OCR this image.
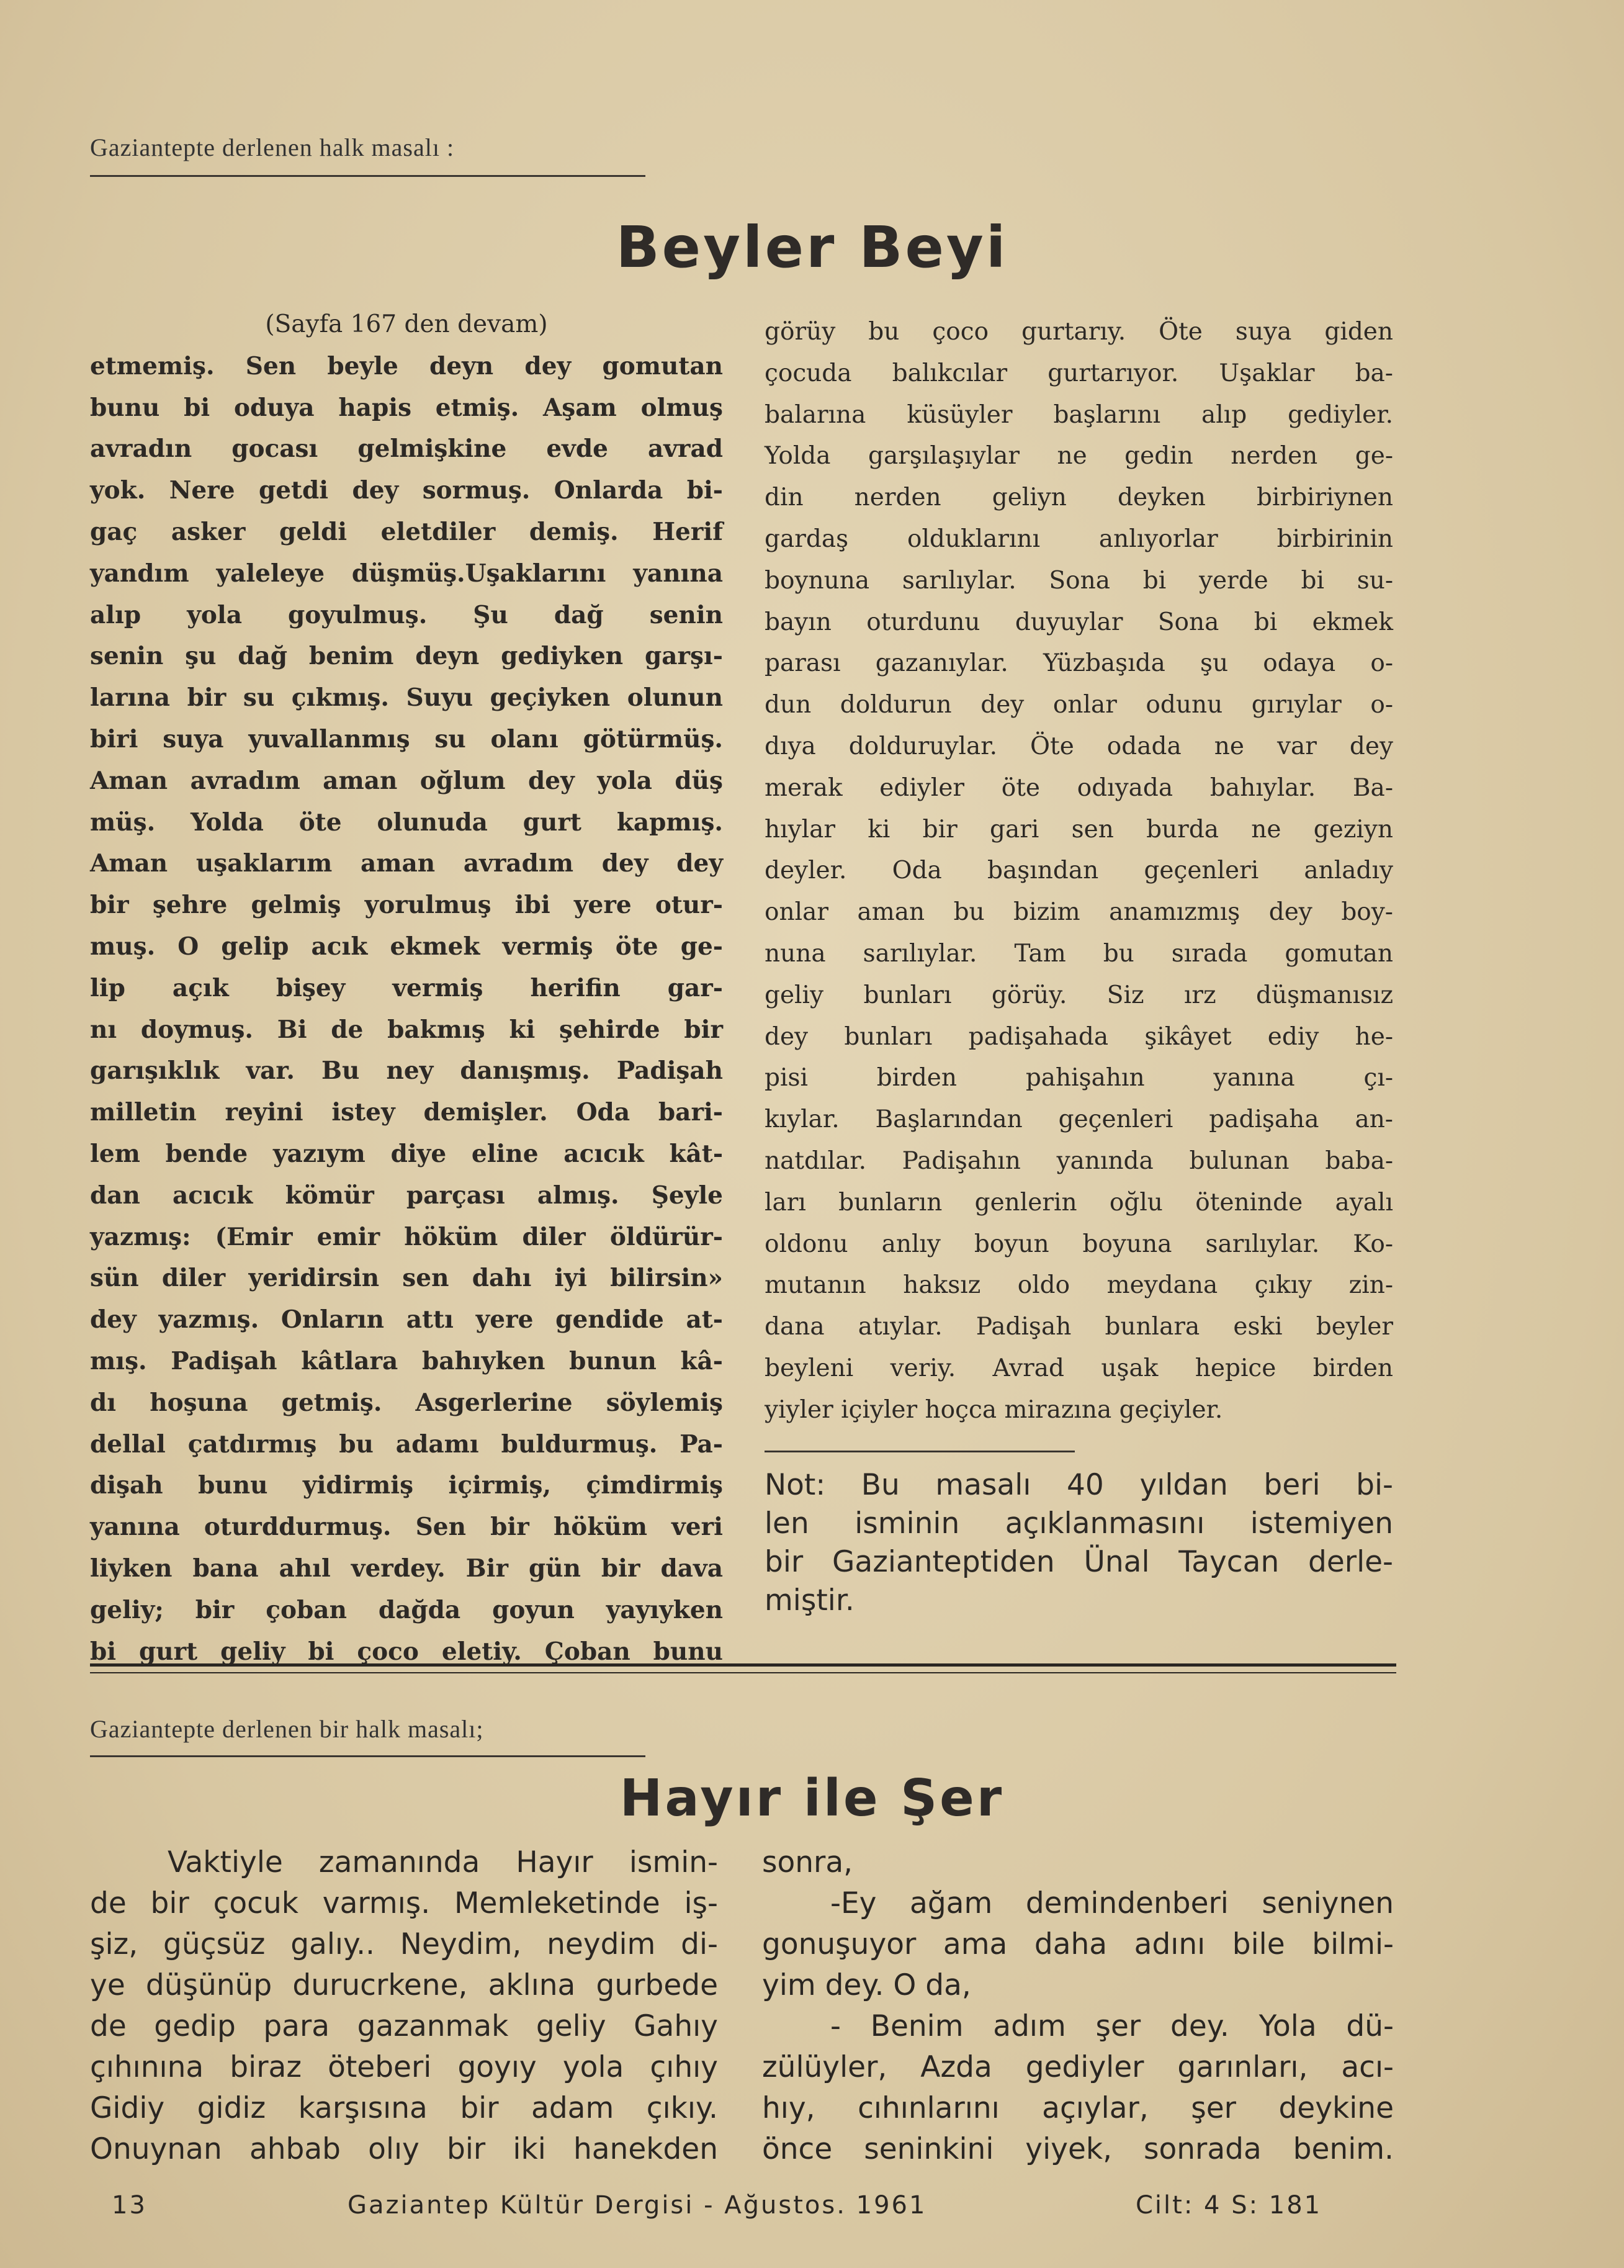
Gaziantepte derlenen halk masalı :
Beyler Beyi
(Sayfa 167 den devam)
etmemiş. Sen beyle deyn dey gomutan
bunu bi oduya hapis etmiş. Aşam olmuş
avradın gocası gelmişkine evde avrad
yok. Nere getdi dey sormuş. Onlarda bi-
gaç asker geldi eletdiler demiş. Herif
yandım yaleleye düşmüş.Uşaklarını yanına
alıp yola goyulmuş. Şu dağ senin
senin şu dağ benim deyn gediyken garşı-
larına bir su çıkmış. Suyu geçiyken olunun
biri suya yuvallanmış su olanı götürmüş.
Aman avradım aman oğlum dey yola düş
müş. Yolda öte olunuda gurt kapmış.
Aman uşaklarım aman avradım dey dey
bir şehre gelmiş yorulmuş ibi yere otur-
muş. O gelip acık ekmek vermiş öte ge-
lip açık bişey vermiş herifin gar-
nı doymuş. Bi de bakmış ki şehirde bir
garışıklık var. Bu ney danışmış. Padişah
milletin reyini istey demişler. Oda bari-
lem bende yazıym diye eline acıcık kât-
dan acıcık kömür parçası almış. Şeyle
yazmış: (Emir emir höküm diler öldürür-
sün diler yeridirsin sen dahı iyi bilirsin»
dey yazmış. Onların attı yere gendide at-
mış. Padişah kâtlara bahıyken bunun kâ-
dı hoşuna getmiş. Asgerlerine söylemiş
dellal çatdırmış bu adamı buldurmuş. Pa-
dişah bunu yidirmiş içirmiş, çimdirmiş
yanına oturddurmuş. Sen bir höküm veri
liyken bana ahıl verdey. Bir gün bir dava
geliy; bir çoban dağda goyun yayıyken
bi gurt geliy bi çoco eletiy. Çoban bunu
görüy bu çoco gurtarıy. Öte suya giden
çocuda balıkcılar gurtarıyor. Uşaklar ba-
balarına küsüyler başlarını alıp gediyler.
Yolda garşılaşıylar ne gedin nerden ge-
din nerden geliyn deyken birbiriynen
gardaş olduklarını anlıyorlar birbirinin
boynuna sarılıylar. Sona bi yerde bi su-
bayın oturdunu duyuylar Sona bi ekmek
parası gazanıylar. Yüzbaşıda şu odaya o-
dun doldurun dey onlar odunu gırıylar o-
dıya dolduruylar. Öte odada ne var dey
merak ediyler öte odıyada bahıylar. Ba-
hıylar ki bir gari sen burda ne geziyn
deyler. Oda başından geçenleri anladıy
onlar aman bu bizim anamızmış dey boy-
nuna sarılıylar. Tam bu sırada gomutan
geliy bunları görüy. Siz ırz düşmanısız
dey bunları padişahada şikâyet ediy he-
pisi birden pahişahın yanına çı-
kıylar. Başlarından geçenleri padişaha an-
natdılar. Padişahın yanında bulunan baba-
ları bunların genlerin oğlu ötenindе ayalı
oldonu anlıy boyun boyuna sarılıylar. Ko-
mutanın haksız oldo meydana çıkıy zin-
dana atıylar. Padişah bunlara eski beyler
beyleni veriy. Avrad uşak hepice birden
yiyler içiyler hoçca mirazına geçiyler.
Not: Bu masalı 40 yıldan beri bi-
len isminin açıklanmasını istemiyen
bir Gazianteptiden Ünal Taycan derle-
miştir.
Gaziantepte derlenen bir halk masalı;
Hayır ile Şer
Vaktiyle zamanında Hayır ismin-
de bir çocuk varmış. Memleketinde iş-
şiz, güçsüz galıy.. Neydim, neydim di-
ye düşünüp durucrkene, aklına gurbede
de gedip para gazanmak geliy Gahıy
çıhınına biraz öteberi goyıy yola çıhıy
Gidiy gidiz karşısına bir adam çıkıy.
Onuynan ahbab olıy bir iki hanekden
sonra,
-Ey ağam demindenberi seniynen
gonuşuyor ama daha adını bile bilmi-
yim dey. O da,
- Benim adım şer dey. Yola dü-
zülüyler, Azda gediyler garınları, acı-
hıy, cıhınlarını açıylar, şer deykine
önce seninkini yiyek, sonrada benim.
13	Gaziantep Kültür Dergisi - Ağustos. 1961	Cilt: 4 S: 181
